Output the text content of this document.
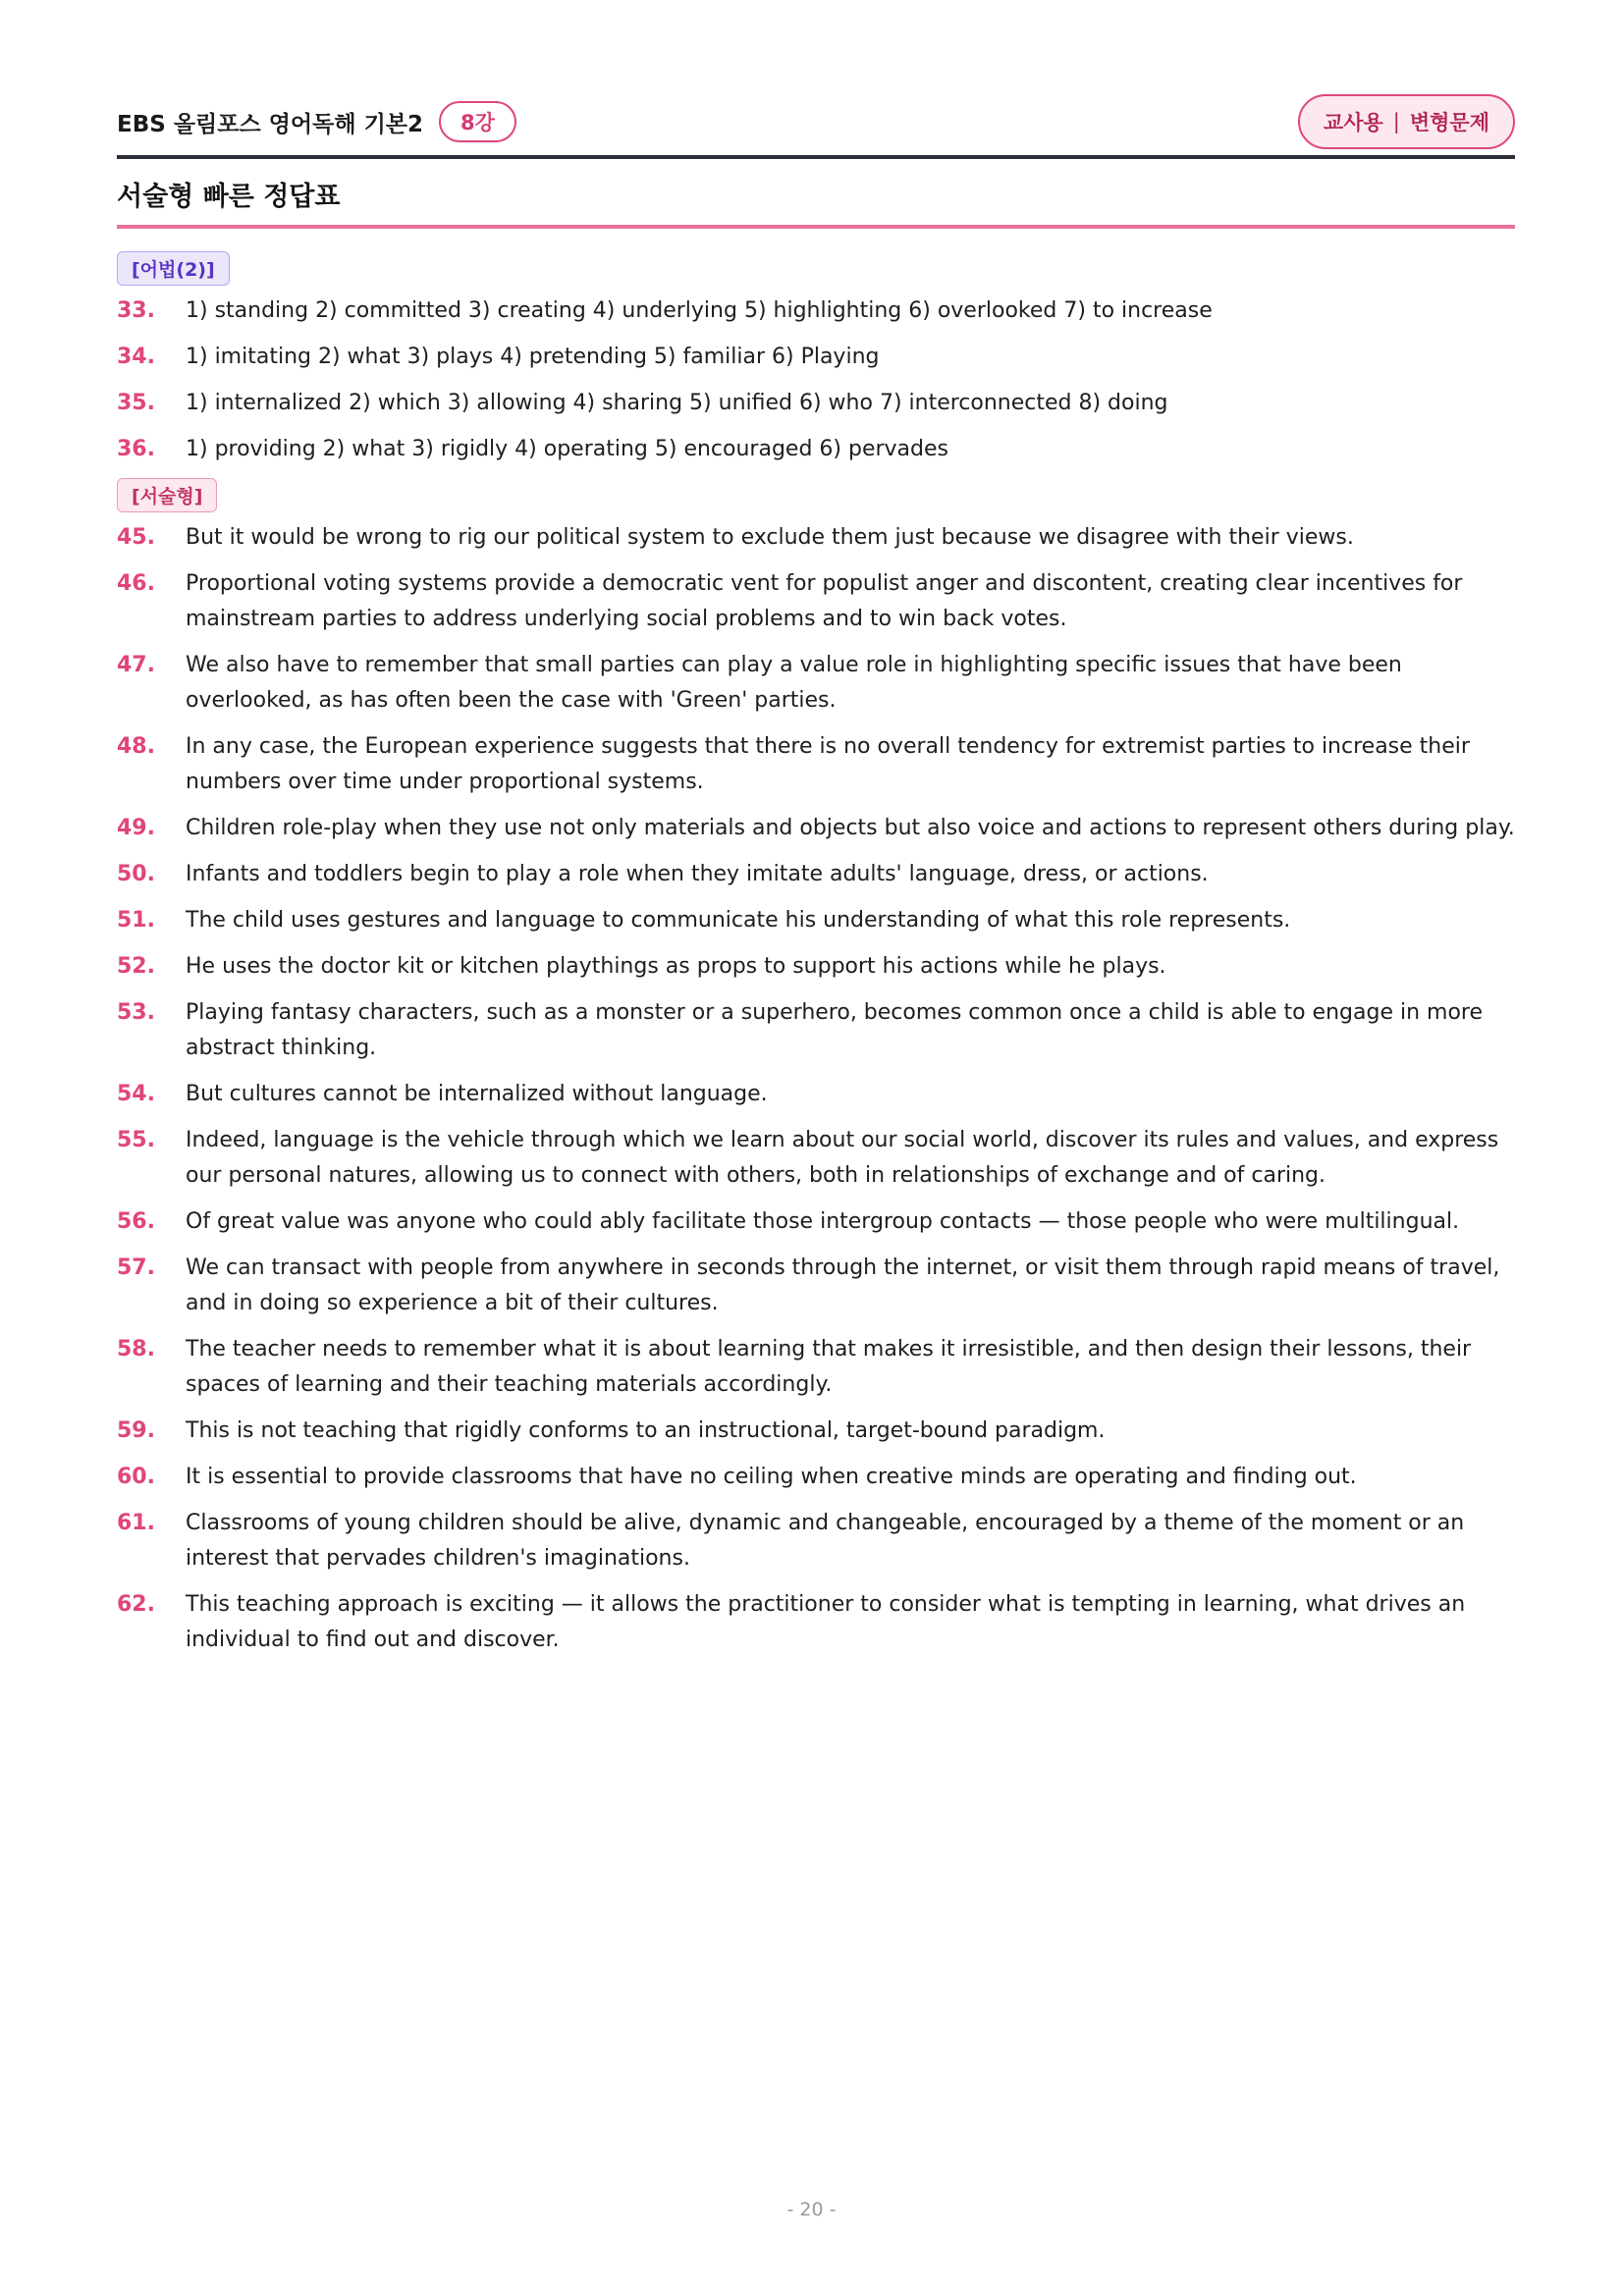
EBS 올림포스 영어독해 기본2	8강	교사용 | 변형문제
서술형 빠른 정답표
[어법(2)]
33.	1) standing 2) committed 3) creating 4) underlying 5) highlighting 6) overlooked 7) to increase
34.	1) imitating 2) what 3) plays 4) pretending 5) familiar 6) Playing
35.	1) internalized 2) which 3) allowing 4) sharing 5) unified 6) who 7) interconnected 8) doing
36.	1) providing 2) what 3) rigidly 4) operating 5) encouraged 6) pervades
[서술형]
45.	But it would be wrong to rig our political system to exclude them just because we disagree with their views.
46.	Proportional voting systems provide a democratic vent for populist anger and discontent, creating clear incentives for mainstream parties to address underlying social problems and to win back votes.
47.	We also have to remember that small parties can play a value role in highlighting specific issues that have been overlooked, as has often been the case with 'Green' parties.
48.	In any case, the European experience suggests that there is no overall tendency for extremist parties to increase their numbers over time under proportional systems.
49.	Children role-play when they use not only materials and objects but also voice and actions to represent others during play.
50.	Infants and toddlers begin to play a role when they imitate adults' language, dress, or actions.
51.	The child uses gestures and language to communicate his understanding of what this role represents.
52.	He uses the doctor kit or kitchen playthings as props to support his actions while he plays.
53.	Playing fantasy characters, such as a monster or a superhero, becomes common once a child is able to engage in more abstract thinking.
54.	But cultures cannot be internalized without language.
55.	Indeed, language is the vehicle through which we learn about our social world, discover its rules and values, and express our personal natures, allowing us to connect with others, both in relationships of exchange and of caring.
56.	Of great value was anyone who could ably facilitate those intergroup contacts — those people who were multilingual.
57.	We can transact with people from anywhere in seconds through the internet, or visit them through rapid means of travel, and in doing so experience a bit of their cultures.
58.	The teacher needs to remember what it is about learning that makes it irresistible, and then design their lessons, their spaces of learning and their teaching materials accordingly.
59.	This is not teaching that rigidly conforms to an instructional, target-bound paradigm.
60.	It is essential to provide classrooms that have no ceiling when creative minds are operating and finding out.
61.	Classrooms of young children should be alive, dynamic and changeable, encouraged by a theme of the moment or an interest that pervades children's imaginations.
62.	This teaching approach is exciting — it allows the practitioner to consider what is tempting in learning, what drives an individual to find out and discover.
- 20 -
